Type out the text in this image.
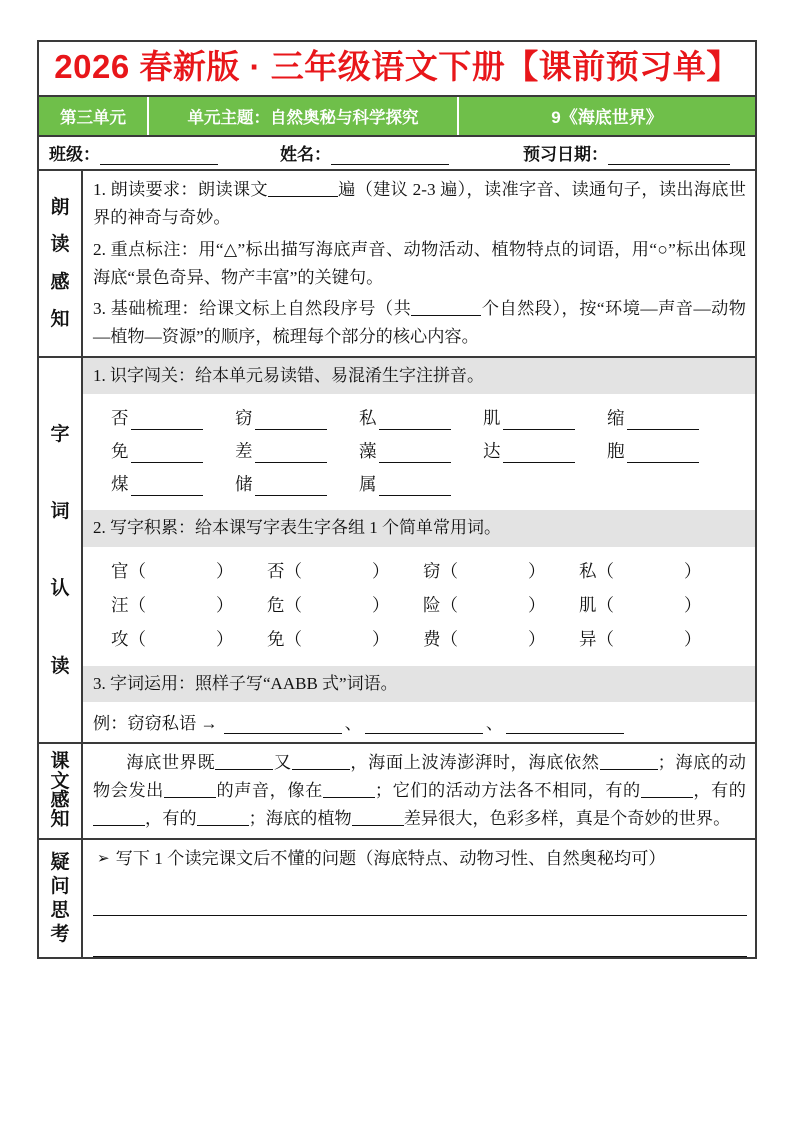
2026 春新版 · 三年级语文下册【课前预习单】
第三单元	单元主题：自然奥秘与科学探究	9《海底世界》
班级：	姓名：	预习日期：
朗
读
感
知
1. 朗读要求：朗读课文	遍（建议 2-3 遍），读准字音、读通句子，读出海底世界的神奇与奇妙。
2. 重点标注：用“△”标出描写海底声音、动物活动、植物特点的词语，用“○”标出体现海底“景色奇异、物产丰富”的关键句。
3. 基础梳理：给课文标上自然段序号（共	个自然段），按“环境—声音—动物—植物—资源”的顺序，梳理每个部分的核心内容。
字
词
认
读
1. 识字闯关：给本单元易读错、易混淆生字注拼音。
否	窃	私	肌	缩
免	差	藻	达	胞
煤	储	属
2. 写字积累：给本课写字表生字各组 1 个简单常用词。
官（	）	否（	）	窃（	）	私（	）
汪（	）	危（	）	险（	）	肌（	）
攻（	）	免（	）	费（	）	异（	）
3. 字词运用：照样子写“AABB 式”词语。
例：窃窃私语 →	、	、
课
文
感
知
海底世界既	又	，海面上波涛澎湃时，海底依然	；海底的动物会发出	的声音，像在	；它们的活动方法各不相同，有的	，有的，有的	；海底的植物	差异很大，色彩多样，真是个奇妙的世界。
疑
问
思
考
➢ 写下 1 个读完课文后不懂的问题（海底特点、动物习性、自然奥秘均可）
